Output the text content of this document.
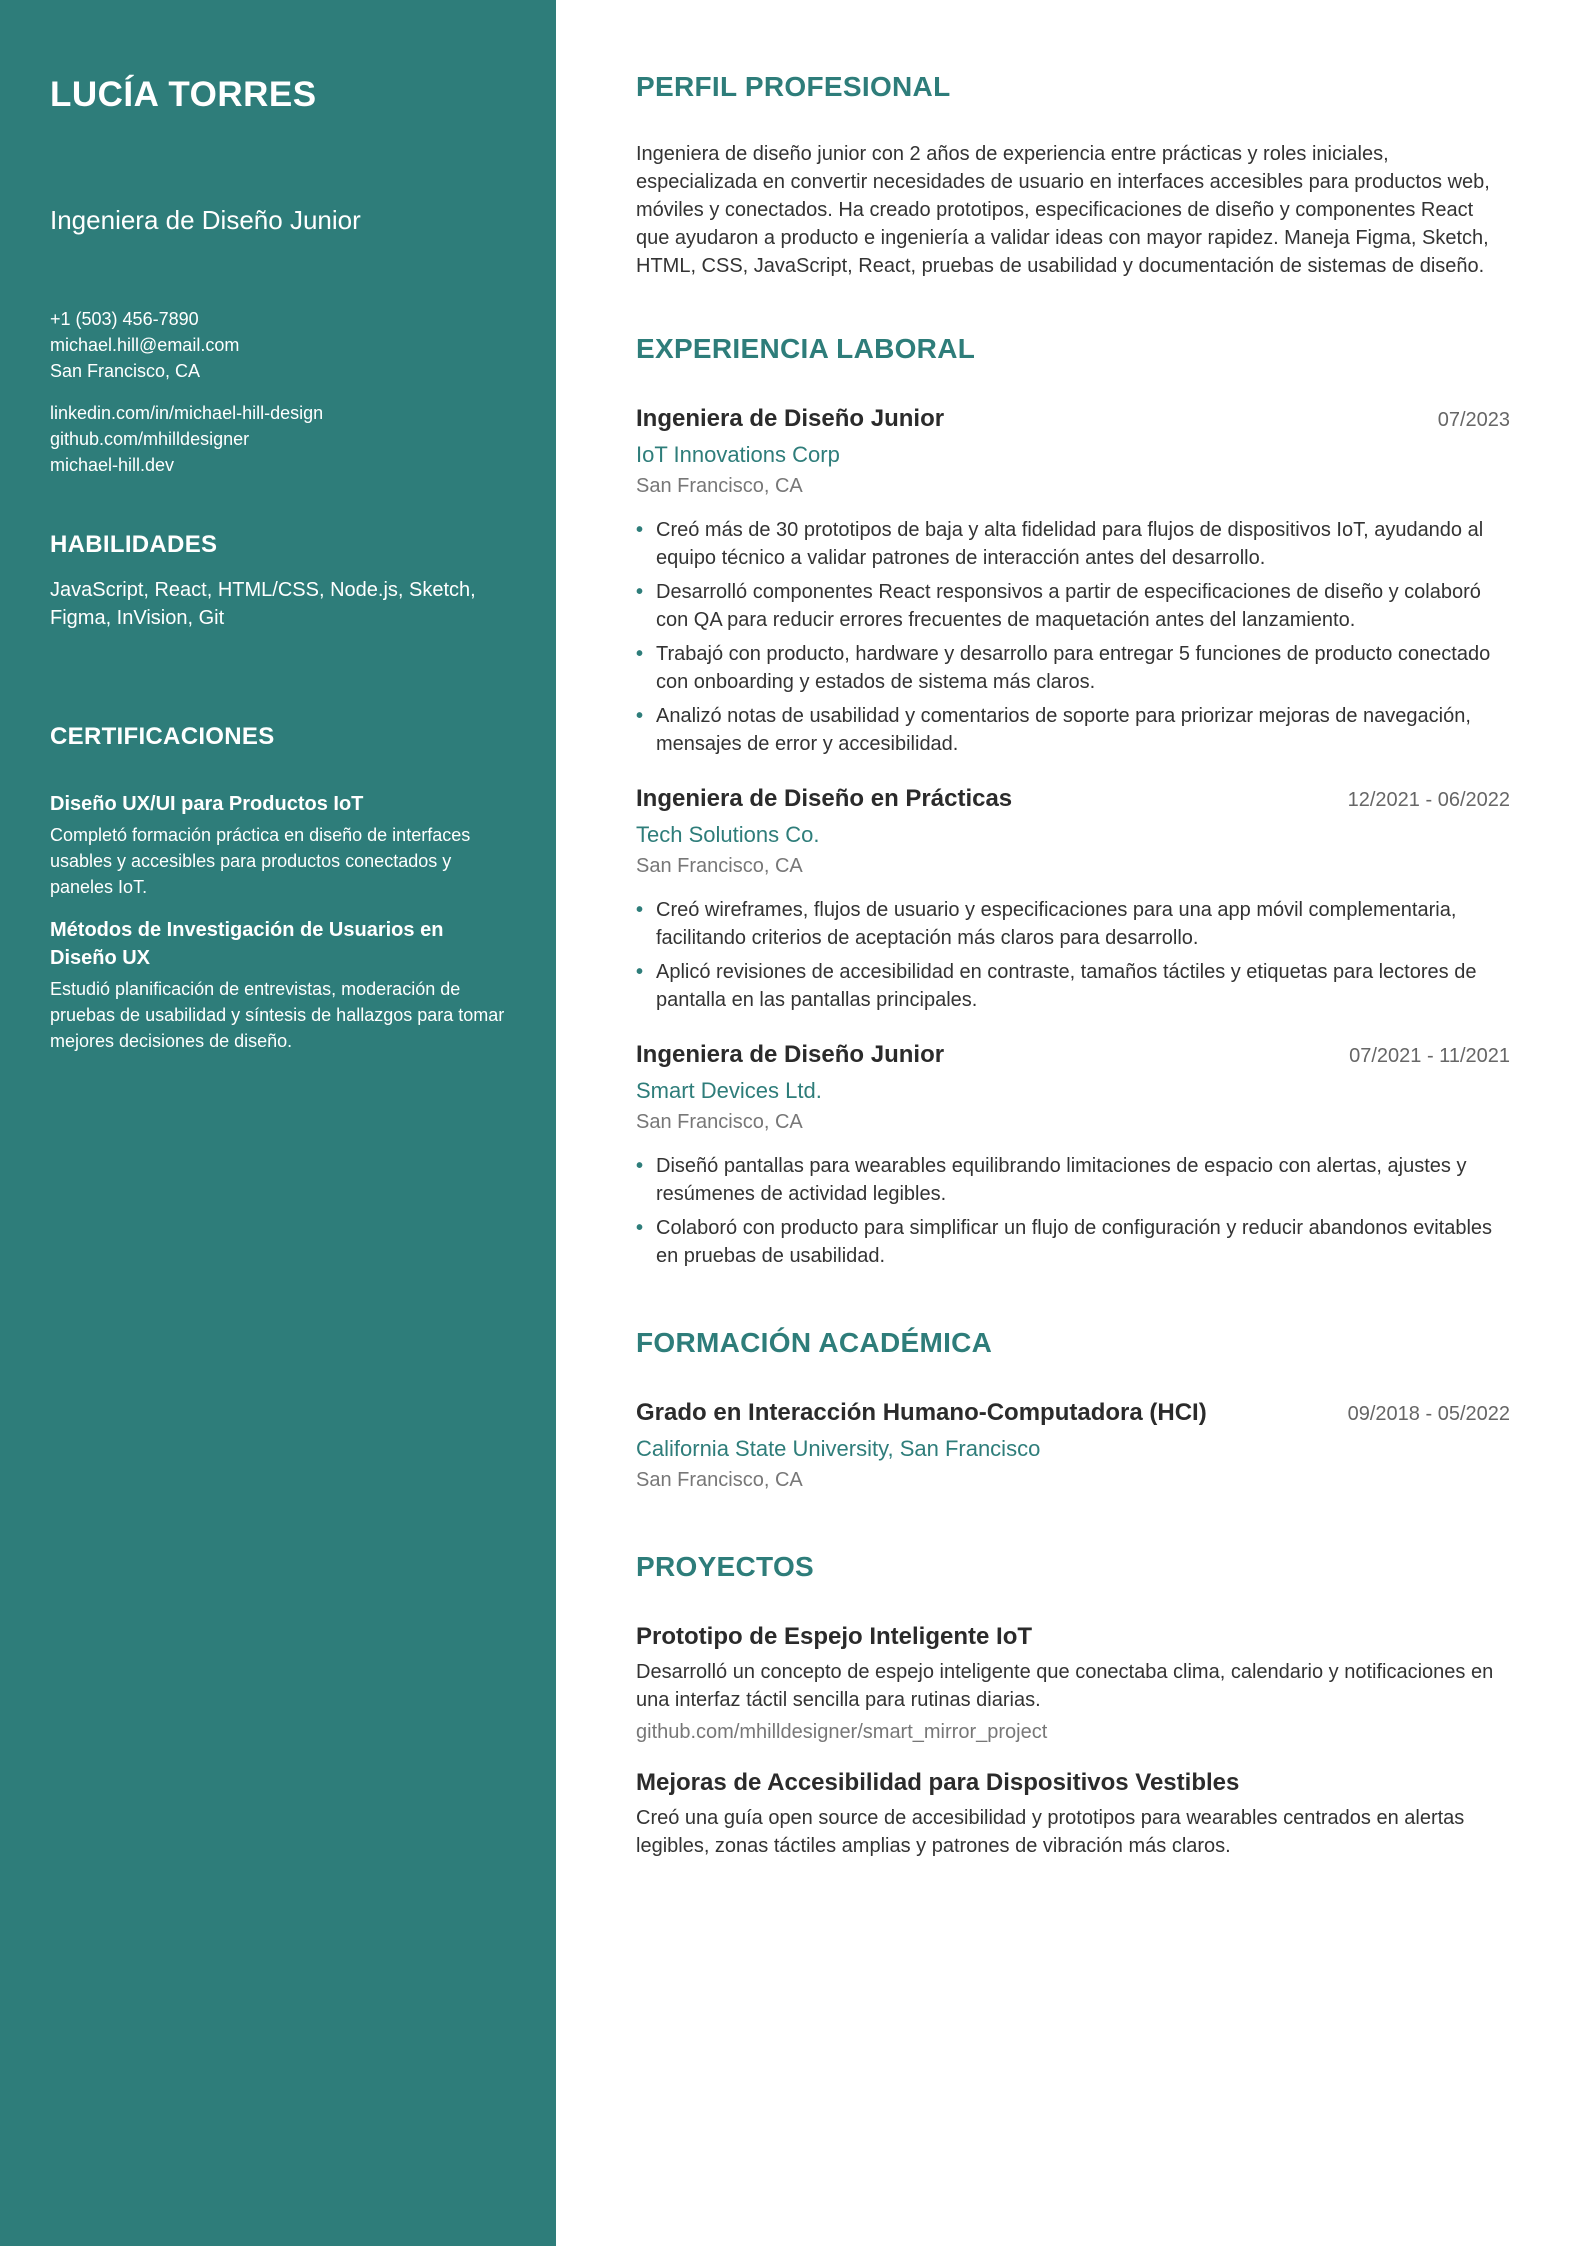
LUCÍA TORRES
Ingeniera de Diseño Junior
+1 (503) 456-7890
michael.hill@email.com
San Francisco, CA
linkedin.com/in/michael-hill-design
github.com/mhilldesigner
michael-hill.dev
HABILIDADES

JavaScript, React, HTML/CSS, Node.js, Sketch, Figma, InVision, Git

CERTIFICACIONES
Diseño UX/UI para Productos IoT
Completó formación práctica en diseño de interfaces usables y accesibles para productos conectados y paneles IoT.
Métodos de Investigación de Usuarios en Diseño UX
Estudió planificación de entrevistas, moderación de pruebas de usabilidad y síntesis de hallazgos para tomar mejores decisiones de diseño.
PERFIL PROFESIONAL

Ingeniera de diseño junior con 2 años de experiencia entre prácticas y roles iniciales, especializada en convertir necesidades de usuario en interfaces accesibles para productos web, móviles y conectados. Ha creado prototipos, especificaciones de diseño y componentes React que ayudaron a producto e ingeniería a validar ideas con mayor rapidez. Maneja Figma, Sketch, HTML, CSS, JavaScript, React, pruebas de usabilidad y documentación de sistemas de diseño.

EXPERIENCIA LABORAL
Ingeniera de Diseño Junior	07/2023
IoT Innovations Corp
San Francisco, CA
• Creó más de 30 prototipos de baja y alta fidelidad para flujos de dispositivos IoT, ayudando al equipo técnico a validar patrones de interacción antes del desarrollo.
• Desarrolló componentes React responsivos a partir de especificaciones de diseño y colaboró con QA para reducir errores frecuentes de maquetación antes del lanzamiento.
• Trabajó con producto, hardware y desarrollo para entregar 5 funciones de producto conectado con onboarding y estados de sistema más claros.
• Analizó notas de usabilidad y comentarios de soporte para priorizar mejoras de navegación, mensajes de error y accesibilidad.
Ingeniera de Diseño en Prácticas	12/2021 - 06/2022
Tech Solutions Co.
San Francisco, CA
• Creó wireframes, flujos de usuario y especificaciones para una app móvil complementaria, facilitando criterios de aceptación más claros para desarrollo.
• Aplicó revisiones de accesibilidad en contraste, tamaños táctiles y etiquetas para lectores de pantalla en las pantallas principales.
Ingeniera de Diseño Junior	07/2021 - 11/2021
Smart Devices Ltd.
San Francisco, CA
• Diseñó pantallas para wearables equilibrando limitaciones de espacio con alertas, ajustes y resúmenes de actividad legibles.
• Colaboró con producto para simplificar un flujo de configuración y reducir abandonos evitables en pruebas de usabilidad.
FORMACIÓN ACADÉMICA
Grado en Interacción Humano-Computadora (HCI)	09/2018 - 05/2022
California State University, San Francisco
San Francisco, CA
PROYECTOS
Prototipo de Espejo Inteligente IoT
Desarrolló un concepto de espejo inteligente que conectaba clima, calendario y notificaciones en una interfaz táctil sencilla para rutinas diarias.
github.com/mhilldesigner/smart_mirror_project
Mejoras de Accesibilidad para Dispositivos Vestibles
Creó una guía open source de accesibilidad y prototipos para wearables centrados en alertas legibles, zonas táctiles amplias y patrones de vibración más claros.
